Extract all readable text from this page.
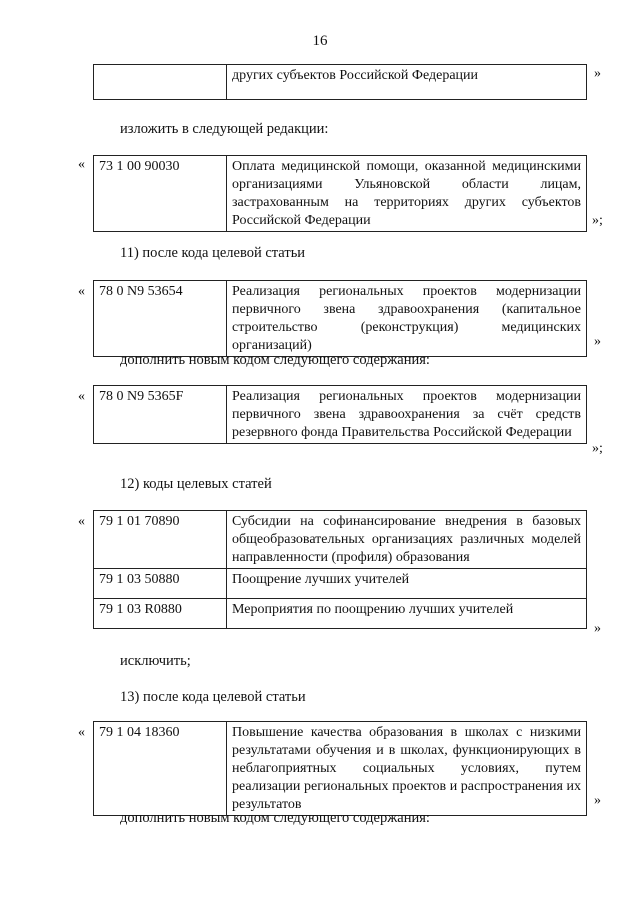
16
	других субъектов Российской Федерации	»
изложить в следующей редакции:
« 73 1 00 90030	Оплата медицинской помощи, оказанной медицинскими организациями Ульяновской области лицам, застрахованным на территориях других субъектов Российской Федерации	»;
11) после кода целевой статьи
« 78 0 N9 53654	Реализация региональных проектов модернизации первичного звена здравоохранения (капитальное строительство (реконструкция) медицинских организаций)	»
дополнить новым кодом следующего содержания:
« 78 0 N9 5365F	Реализация региональных проектов модернизации первичного звена здравоохранения за счёт средств резервного фонда Правительства Российской Федерации
»;
12) коды целевых статей
« 79 1 01 70890	Субсидии на софинансирование внедрения в базовых общеобразовательных организациях различных моделей направленности (профиля) образования
79 1 03 50880	Поощрение лучших учителей
79 1 03 R0880	Мероприятия по поощрению лучших учителей
»
исключить;
13) после кода целевой статьи
« 79 1 04 18360	Повышение качества образования в школах с низкими результатами обучения и в школах, функционирующих в неблагоприятных социальных условиях, путем реализации региональных проектов и распространения их результатов	»
дополнить новым кодом следующего содержания:
